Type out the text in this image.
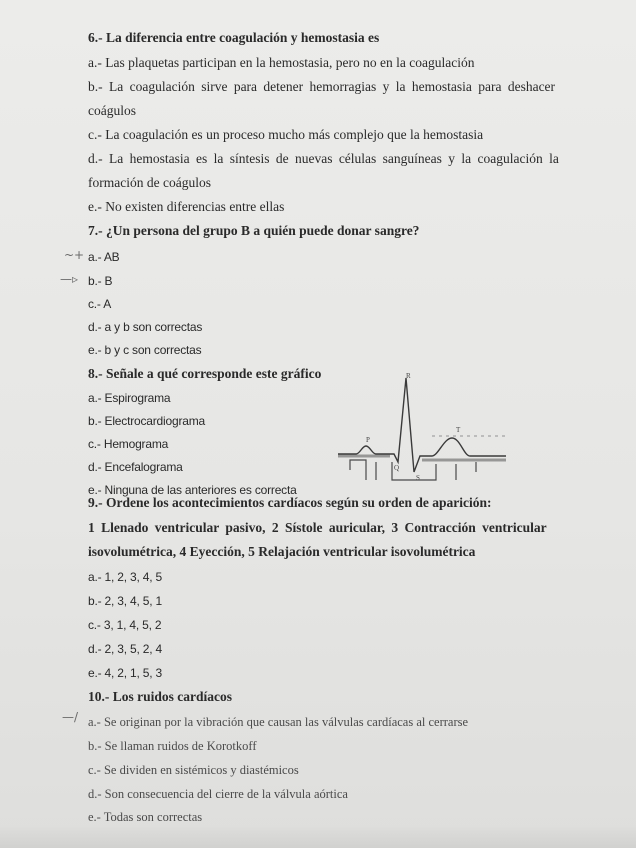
6.- La diferencia entre coagulación y hemostasia es
a.- Las plaquetas participan en la hemostasia, pero no en la coagulación
b.- La coagulación sirve para detener hemorragias y la hemostasia para deshacer
coágulos
c.- La coagulación es un proceso mucho más complejo que la hemostasia
d.- La hemostasia es la síntesis de nuevas células sanguíneas y la coagulación la
formación de coágulos
e.- No existen diferencias entre ellas
7.- ¿Un persona del grupo B a quién puede donar sangre?
~+ a.- AB
—▹ b.- B
c.- A
d.- a y b son correctas
e.- b y c son correctas
8.- Señale a qué corresponde este gráfico
a.- Espirograma
b.- Electrocardiograma
c.- Hemograma
d.- Encefalograma
e.- Ninguna de las anteriores es correcta
R
T
P
Q
S
9.- Ordene los acontecimientos cardíacos según su orden de aparición:
1 Llenado ventricular pasivo, 2 Sístole auricular, 3 Contracción ventricular
isovolumétrica, 4 Eyección, 5 Relajación ventricular isovolumétrica
a.- 1, 2, 3, 4, 5
b.- 2, 3, 4, 5, 1
c.- 3, 1, 4, 5, 2
d.- 2, 3, 5, 2, 4
e.- 4, 2, 1, 5, 3
10.- Los ruidos cardíacos
—/ a.- Se originan por la vibración que causan las válvulas cardíacas al cerrarse
b.- Se llaman ruidos de Korotkoff
c.- Se dividen en sistémicos y diastémicos
d.- Son consecuencia del cierre de la válvula aórtica
e.- Todas son correctas
